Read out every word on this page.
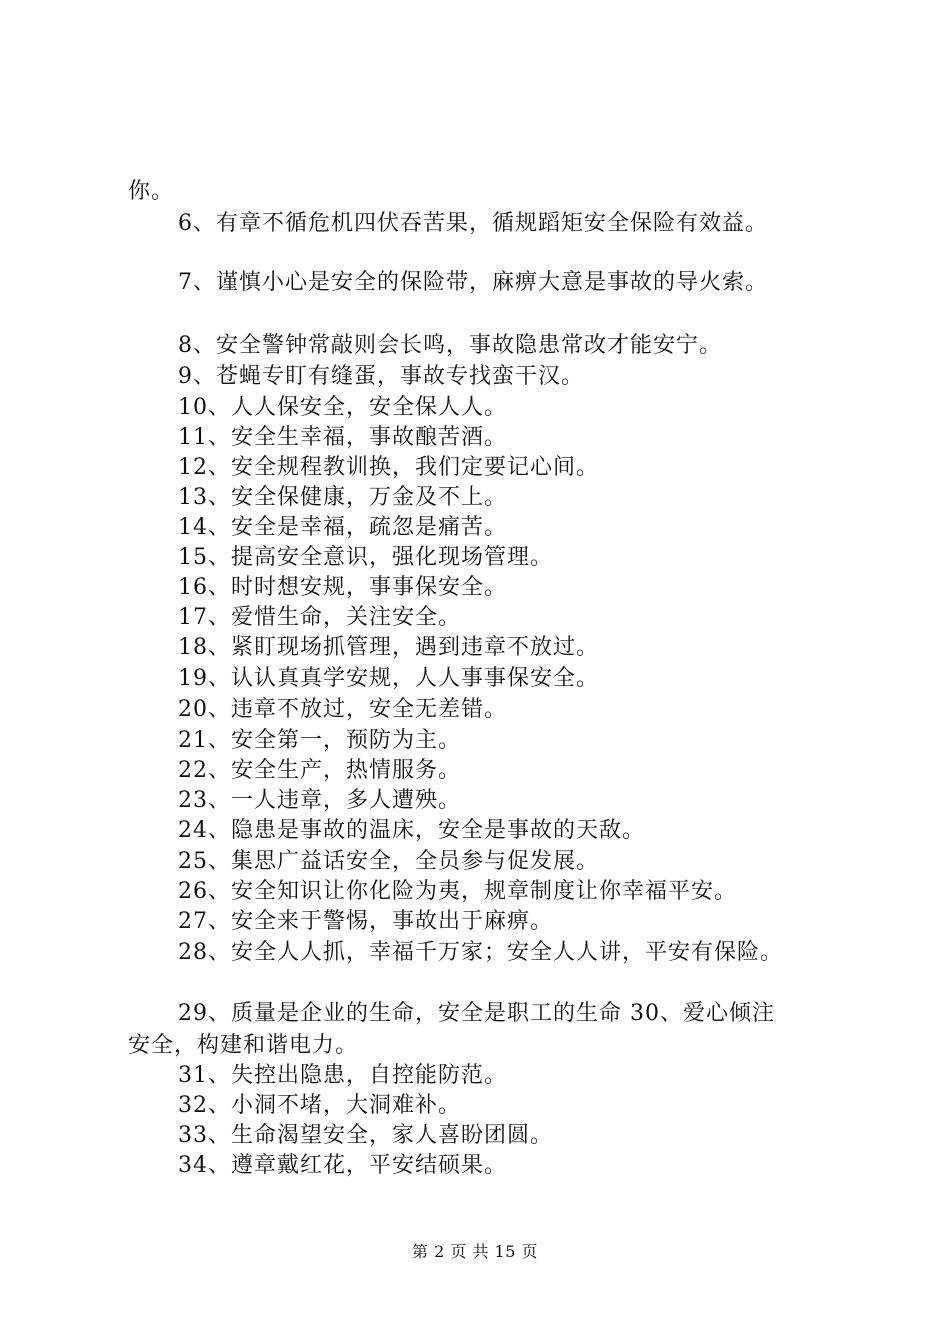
你。
6、有章不循危机四伏吞苦果，循规蹈矩安全保险有效益。
7、谨慎小心是安全的保险带，麻痹大意是事故的导火索。
8、安全警钟常敲则会长鸣，事故隐患常改才能安宁。
9、苍蝇专盯有缝蛋，事故专找蛮干汉。
10、人人保安全，安全保人人。
11、安全生幸福，事故酿苦酒。
12、安全规程教训换，我们定要记心间。
13、安全保健康，万金及不上。
14、安全是幸福，疏忽是痛苦。
15、提高安全意识，强化现场管理。
16、时时想安规，事事保安全。
17、爱惜生命，关注安全。
18、紧盯现场抓管理，遇到违章不放过。
19、认认真真学安规，人人事事保安全。
20、违章不放过，安全无差错。
21、安全第一，预防为主。
22、安全生产，热情服务。
23、一人违章，多人遭殃。
24、隐患是事故的温床，安全是事故的天敌。
25、集思广益话安全，全员参与促发展。
26、安全知识让你化险为夷，规章制度让你幸福平安。
27、安全来于警惕，事故出于麻痹。
28、安全人人抓，幸福千万家；安全人人讲，平安有保险。
29、质量是企业的生命，安全是职工的生命 30、爱心倾注
安全，构建和谐电力。
31、失控出隐患，自控能防范。
32、小洞不堵，大洞难补。
33、生命渴望安全，家人喜盼团圆。
34、遵章戴红花，平安结硕果。
第 2 页 共 15 页
